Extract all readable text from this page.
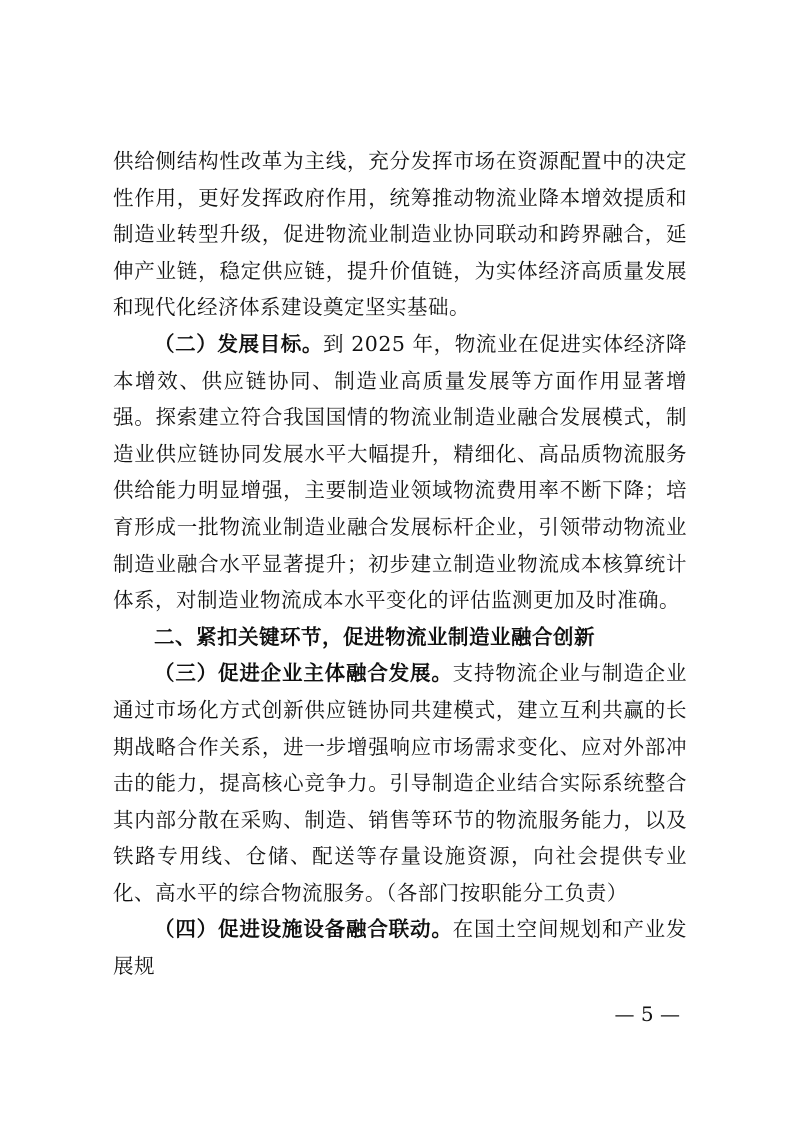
供给侧结构性改革为主线，充分发挥市场在资源配置中的决定性作用，更好发挥政府作用，统筹推动物流业降本增效提质和制造业转型升级，促进物流业制造业协同联动和跨界融合，延伸产业链，稳定供应链，提升价值链，为实体经济高质量发展和现代化经济体系建设奠定坚实基础。

（二）发展目标。到 2025 年，物流业在促进实体经济降本增效、供应链协同、制造业高质量发展等方面作用显著增强。探索建立符合我国国情的物流业制造业融合发展模式，制造业供应链协同发展水平大幅提升，精细化、高品质物流服务供给能力明显增强，主要制造业领域物流费用率不断下降；培育形成一批物流业制造业融合发展标杆企业，引领带动物流业制造业融合水平显著提升；初步建立制造业物流成本核算统计体系，对制造业物流成本水平变化的评估监测更加及时准确。

二、紧扣关键环节，促进物流业制造业融合创新

（三）促进企业主体融合发展。支持物流企业与制造企业通过市场化方式创新供应链协同共建模式，建立互利共赢的长期战略合作关系，进一步增强响应市场需求变化、应对外部冲击的能力，提高核心竞争力。引导制造企业结合实际系统整合其内部分散在采购、制造、销售等环节的物流服务能力，以及铁路专用线、仓储、配送等存量设施资源，向社会提供专业化、高水平的综合物流服务。（各部门按职能分工负责）

（四）促进设施设备融合联动。在国土空间规划和产业发展规

— 5 —
